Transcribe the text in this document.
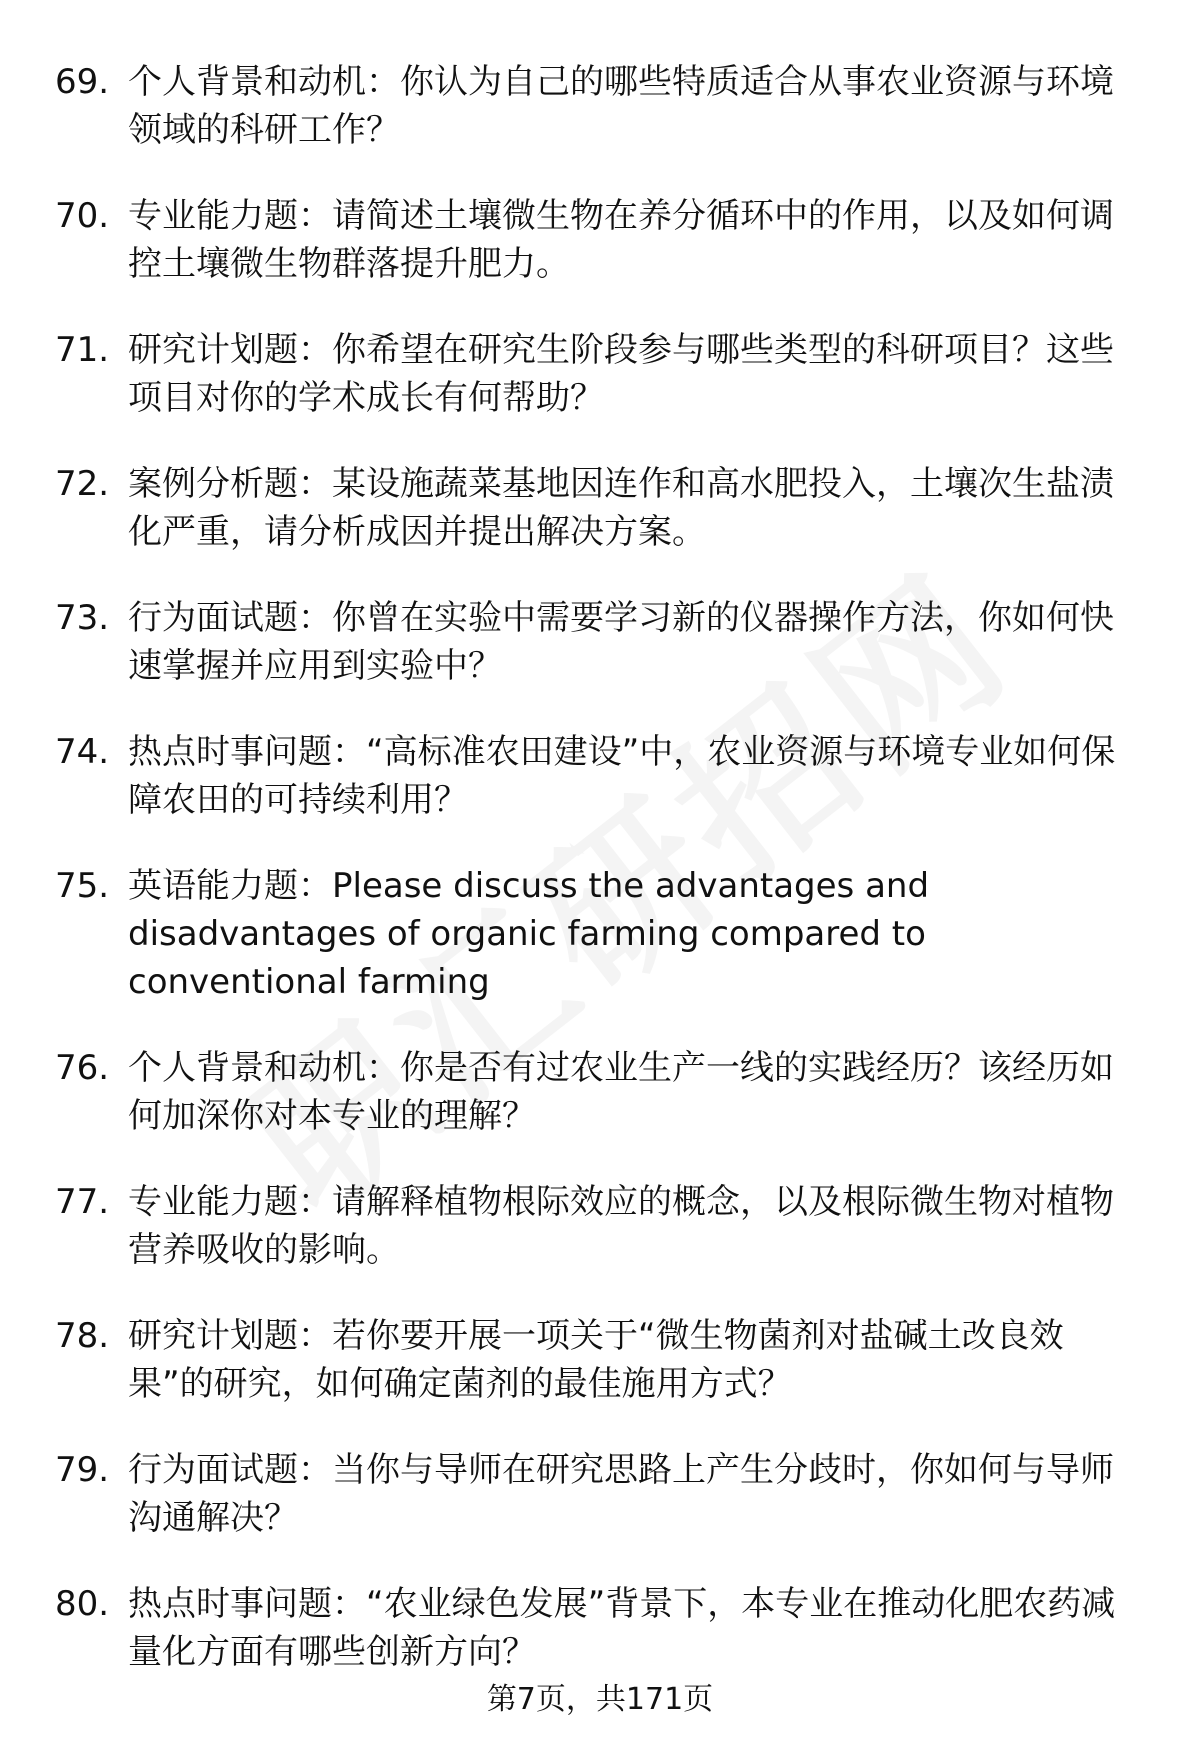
69. 个人背景和动机：你认为自己的哪些特质适合从事农业资源与环境领域的科研工作？
70. 专业能力题：请简述土壤微生物在养分循环中的作用，以及如何调控土壤微生物群落提升肥力。
71. 研究计划题：你希望在研究生阶段参与哪些类型的科研项目？这些项目对你的学术成长有何帮助？
72. 案例分析题：某设施蔬菜基地因连作和高水肥投入，土壤次生盐渍化严重，请分析成因并提出解决方案。
73. 行为面试题：你曾在实验中需要学习新的仪器操作方法，你如何快速掌握并应用到实验中？
74. 热点时事问题：“高标准农田建设”中，农业资源与环境专业如何保障农田的可持续利用？
75. 英语能力题：Please discuss the advantages and disadvantages of organic farming compared to conventional farming
76. 个人背景和动机：你是否有过农业生产一线的实践经历？该经历如何加深你对本专业的理解？
77. 专业能力题：请解释植物根际效应的概念，以及根际微生物对植物营养吸收的影响。
78. 研究计划题：若你要开展一项关于“微生物菌剂对盐碱土改良效果”的研究，如何确定菌剂的最佳施用方式？
79. 行为面试题：当你与导师在研究思路上产生分歧时，你如何与导师沟通解决？
80. 热点时事问题：“农业绿色发展”背景下，本专业在推动化肥农药减量化方面有哪些创新方向？
第7页，共171页
